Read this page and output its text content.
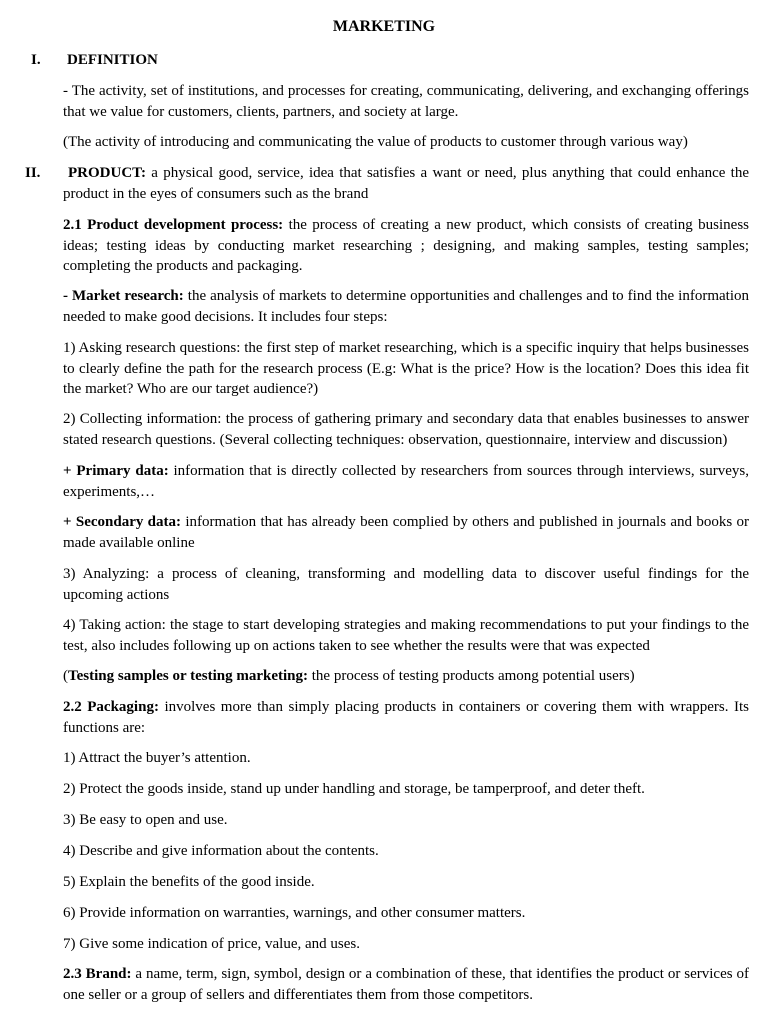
MARKETING
I. DEFINITION
- The activity, set of institutions, and processes for creating, communicating, delivering, and exchanging offerings that we value for customers, clients, partners, and society at large.
(The activity of introducing and communicating the value of products to customer through various way)
II.	PRODUCT: a physical good, service, idea that satisfies a want or need, plus anything that could enhance the product in the eyes of consumers such as the brand
2.1 Product development process: the process of creating a new product, which consists of creating business ideas; testing ideas by conducting market researching ; designing, and making samples, testing samples; completing the products and packaging.
- Market research: the analysis of markets to determine opportunities and challenges and to find the information needed to make good decisions. It includes four steps:
1) Asking research questions: the first step of market researching, which is a specific inquiry that helps businesses to clearly define the path for the research process (E.g: What is the price? How is the location? Does this idea fit the market? Who are our target audience?)
2) Collecting information: the process of gathering primary and secondary data that enables businesses to answer stated research questions. (Several collecting techniques: observation, questionnaire, interview and discussion)
+ Primary data: information that is directly collected by researchers from sources through interviews, surveys, experiments,…
+ Secondary data: information that has already been complied by others and published in journals and books or made available online
3) Analyzing: a process of cleaning, transforming and modelling data to discover useful findings for the upcoming actions
4) Taking action: the stage to start developing strategies and making recommendations to put your findings to the test, also includes following up on actions taken to see whether the results were that was expected
(Testing samples or testing marketing: the process of testing products among potential users)
2.2 Packaging: involves more than simply placing products in containers or covering them with wrappers. Its functions are:
1) Attract the buyer’s attention.
2) Protect the goods inside, stand up under handling and storage, be tamperproof, and deter theft.
3) Be easy to open and use.
4) Describe and give information about the contents.
5) Explain the benefits of the good inside.
6) Provide information on warranties, warnings, and other consumer matters.
7) Give some indication of price, value, and uses.
2.3 Brand: a name, term, sign, symbol, design or a combination of these, that identifies the product or services of one seller or a group of sellers and differentiates them from those competitors.
